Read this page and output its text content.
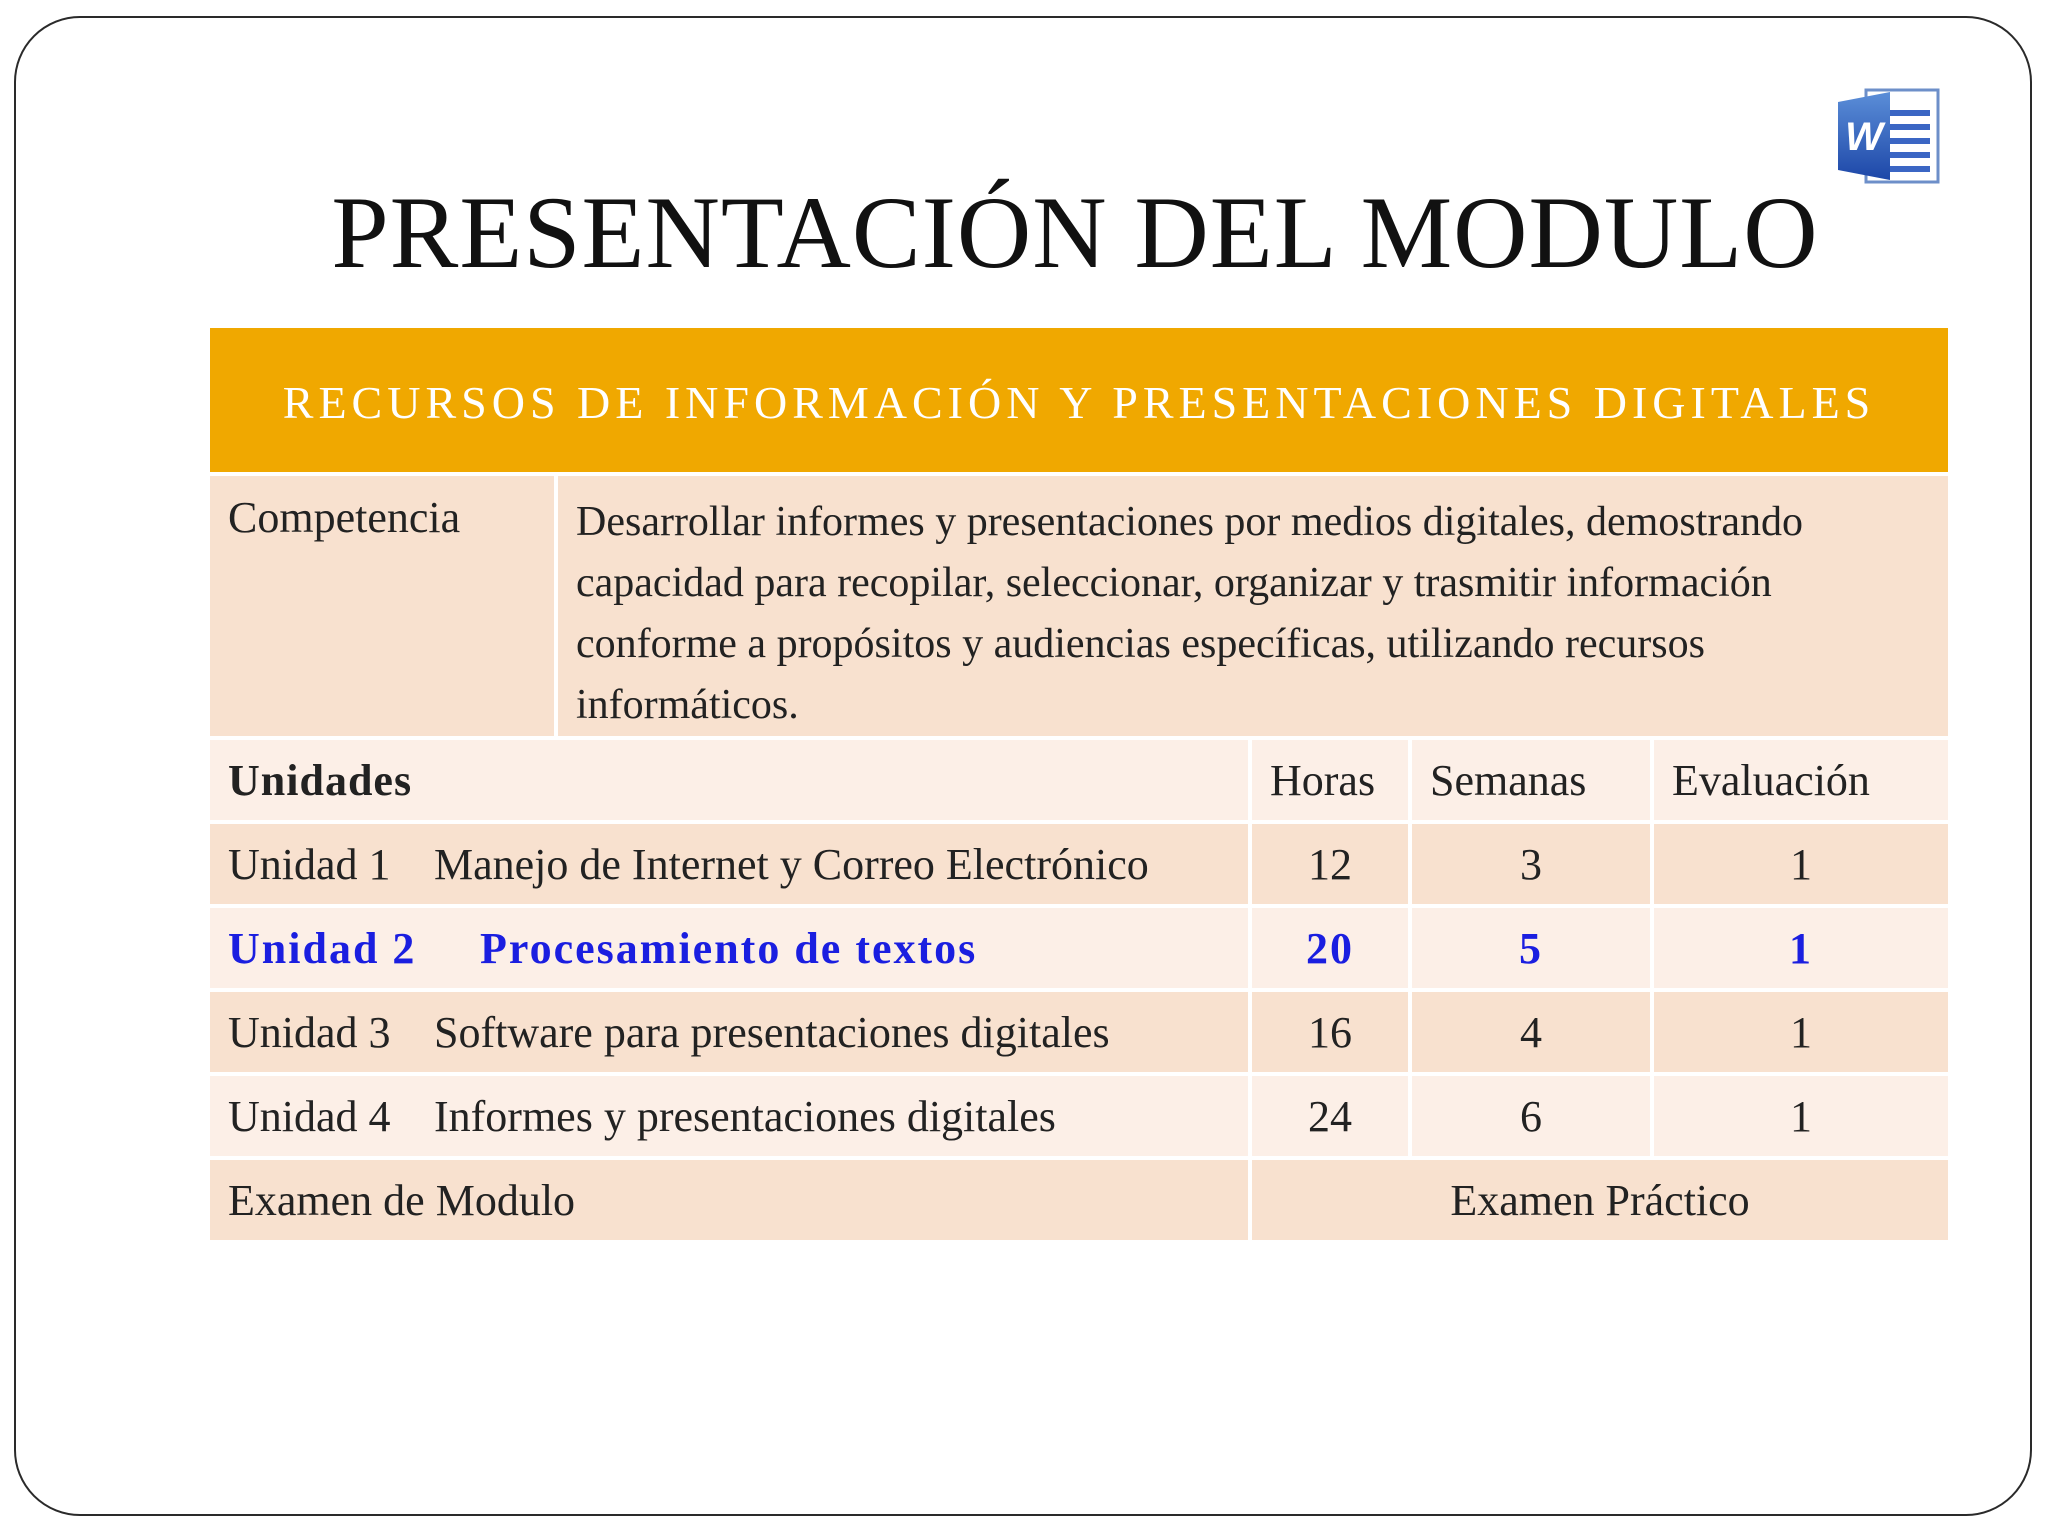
W
PRESENTACIÓN DEL MODULO
RECURSOS DE INFORMACIÓN Y PRESENTACIONES DIGITALES				
Competencia	Desarrollar informes y presentaciones por medios digitales, demostrando capacidad para recopilar, seleccionar, organizar y trasmitir información conforme a propósitos y audiencias específicas, utilizando recursos informáticos.			
Unidades		Horas	Semanas	Evaluación
Unidad 1 Manejo de Internet y Correo Electrónico		12	3	1
Unidad 2 Procesamiento de textos		20	5	1
Unidad 3 Software para presentaciones digitales		16	4	1
Unidad 4 Informes y presentaciones digitales		24	6	1
Examen de Modulo		Examen Práctico		
